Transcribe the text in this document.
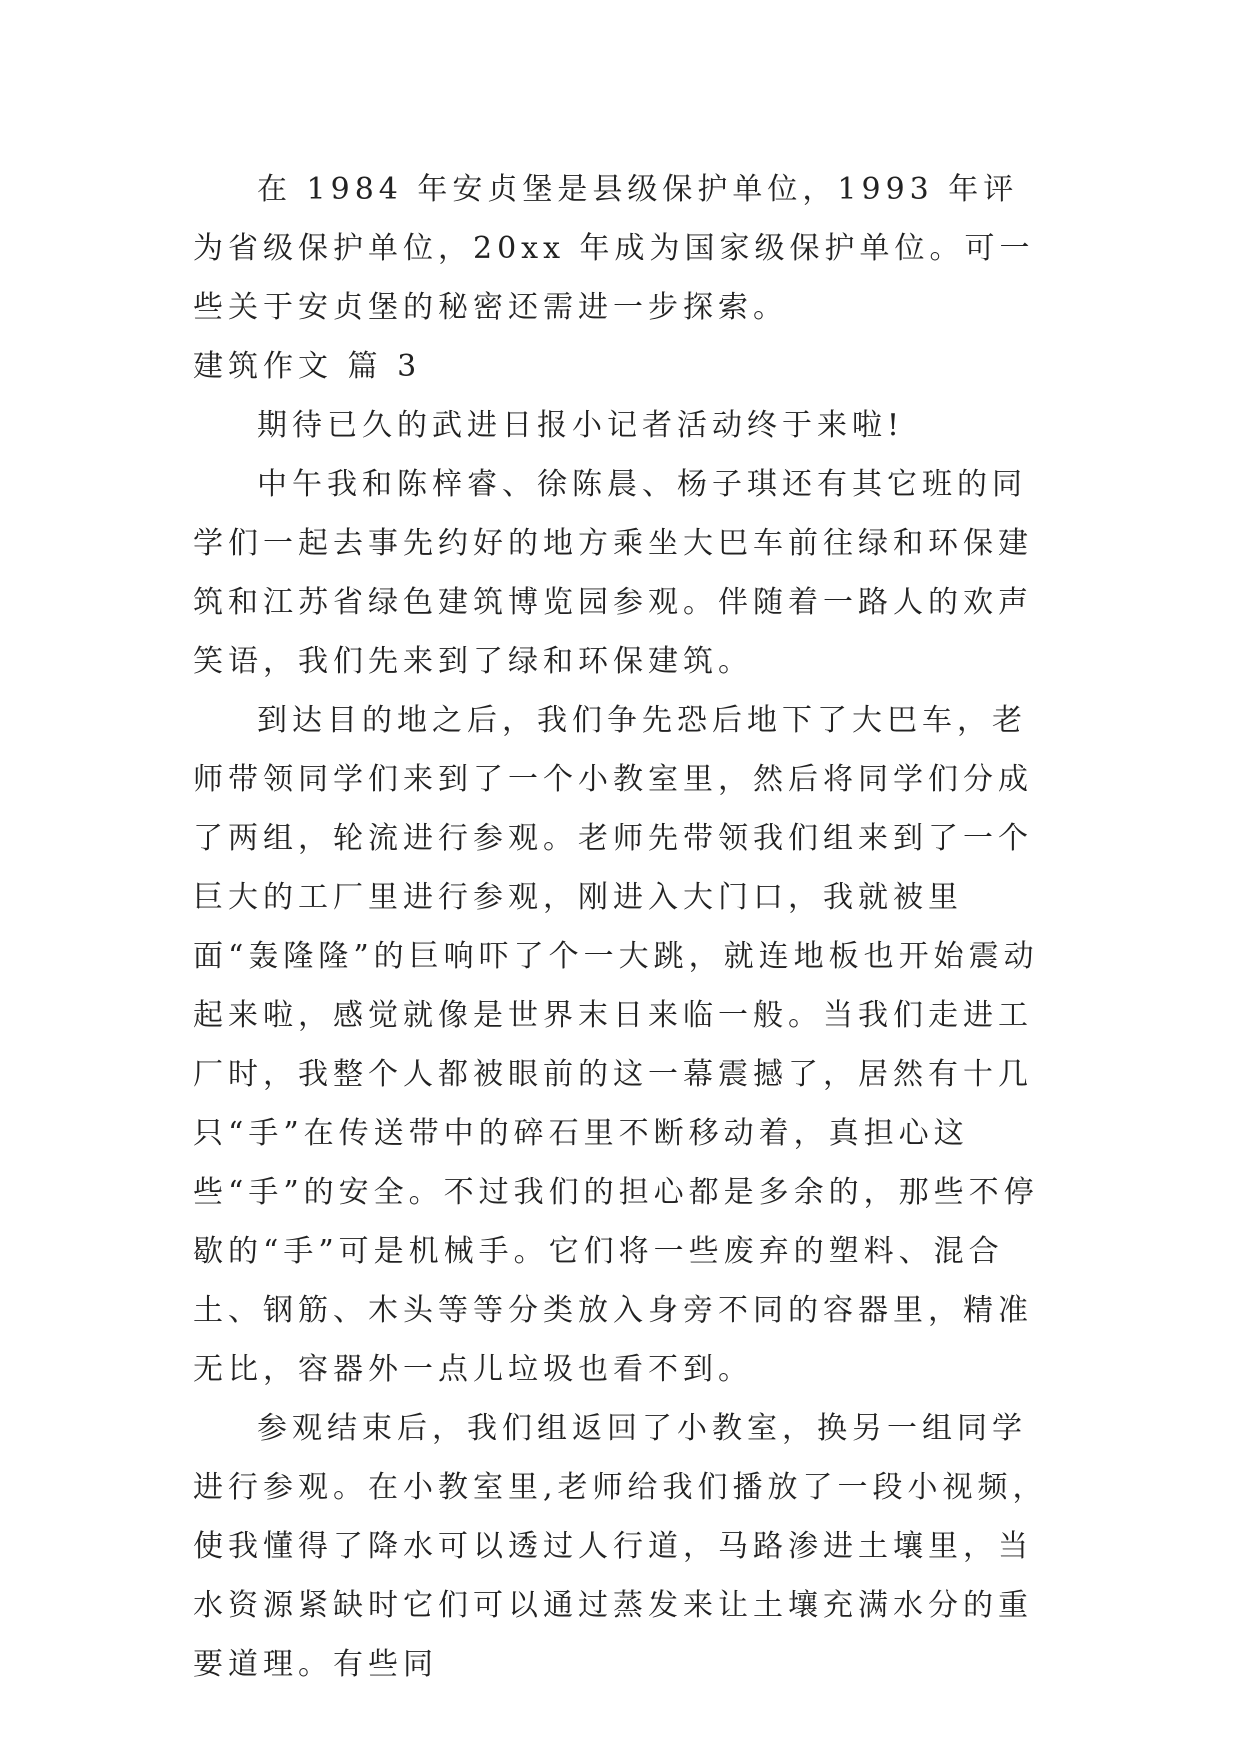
在 1984 年安贞堡是县级保护单位，1993 年评为省级保护单位，20xx 年成为国家级保护单位。可一些关于安贞堡的秘密还需进一步探索。

建筑作文 篇 3

期待已久的武进日报小记者活动终于来啦!

中午我和陈梓睿、徐陈晨、杨子琪还有其它班的同学们一起去事先约好的地方乘坐大巴车前往绿和环保建筑和江苏省绿色建筑博览园参观。伴随着一路人的欢声笑语，我们先来到了绿和环保建筑。

到达目的地之后，我们争先恐后地下了大巴车，老师带领同学们来到了一个小教室里，然后将同学们分成了两组，轮流进行参观。老师先带领我们组来到了一个巨大的工厂里进行参观，刚进入大门口，我就被里面“轰隆隆”的巨响吓了个一大跳，就连地板也开始震动起来啦，感觉就像是世界末日来临一般。当我们走进工厂时，我整个人都被眼前的这一幕震撼了，居然有十几只“手”在传送带中的碎石里不断移动着，真担心这些“手”的安全。不过我们的担心都是多余的，那些不停歇的“手”可是机械手。它们将一些废弃的塑料、混合土、钢筋、木头等等分类放入身旁不同的容器里，精准无比，容器外一点儿垃圾也看不到。

参观结束后，我们组返回了小教室，换另一组同学进行参观。在小教室里,老师给我们播放了一段小视频，使我懂得了降水可以透过人行道，马路渗进土壤里，当水资源紧缺时它们可以通过蒸发来让土壤充满水分的重要道理。有些同
